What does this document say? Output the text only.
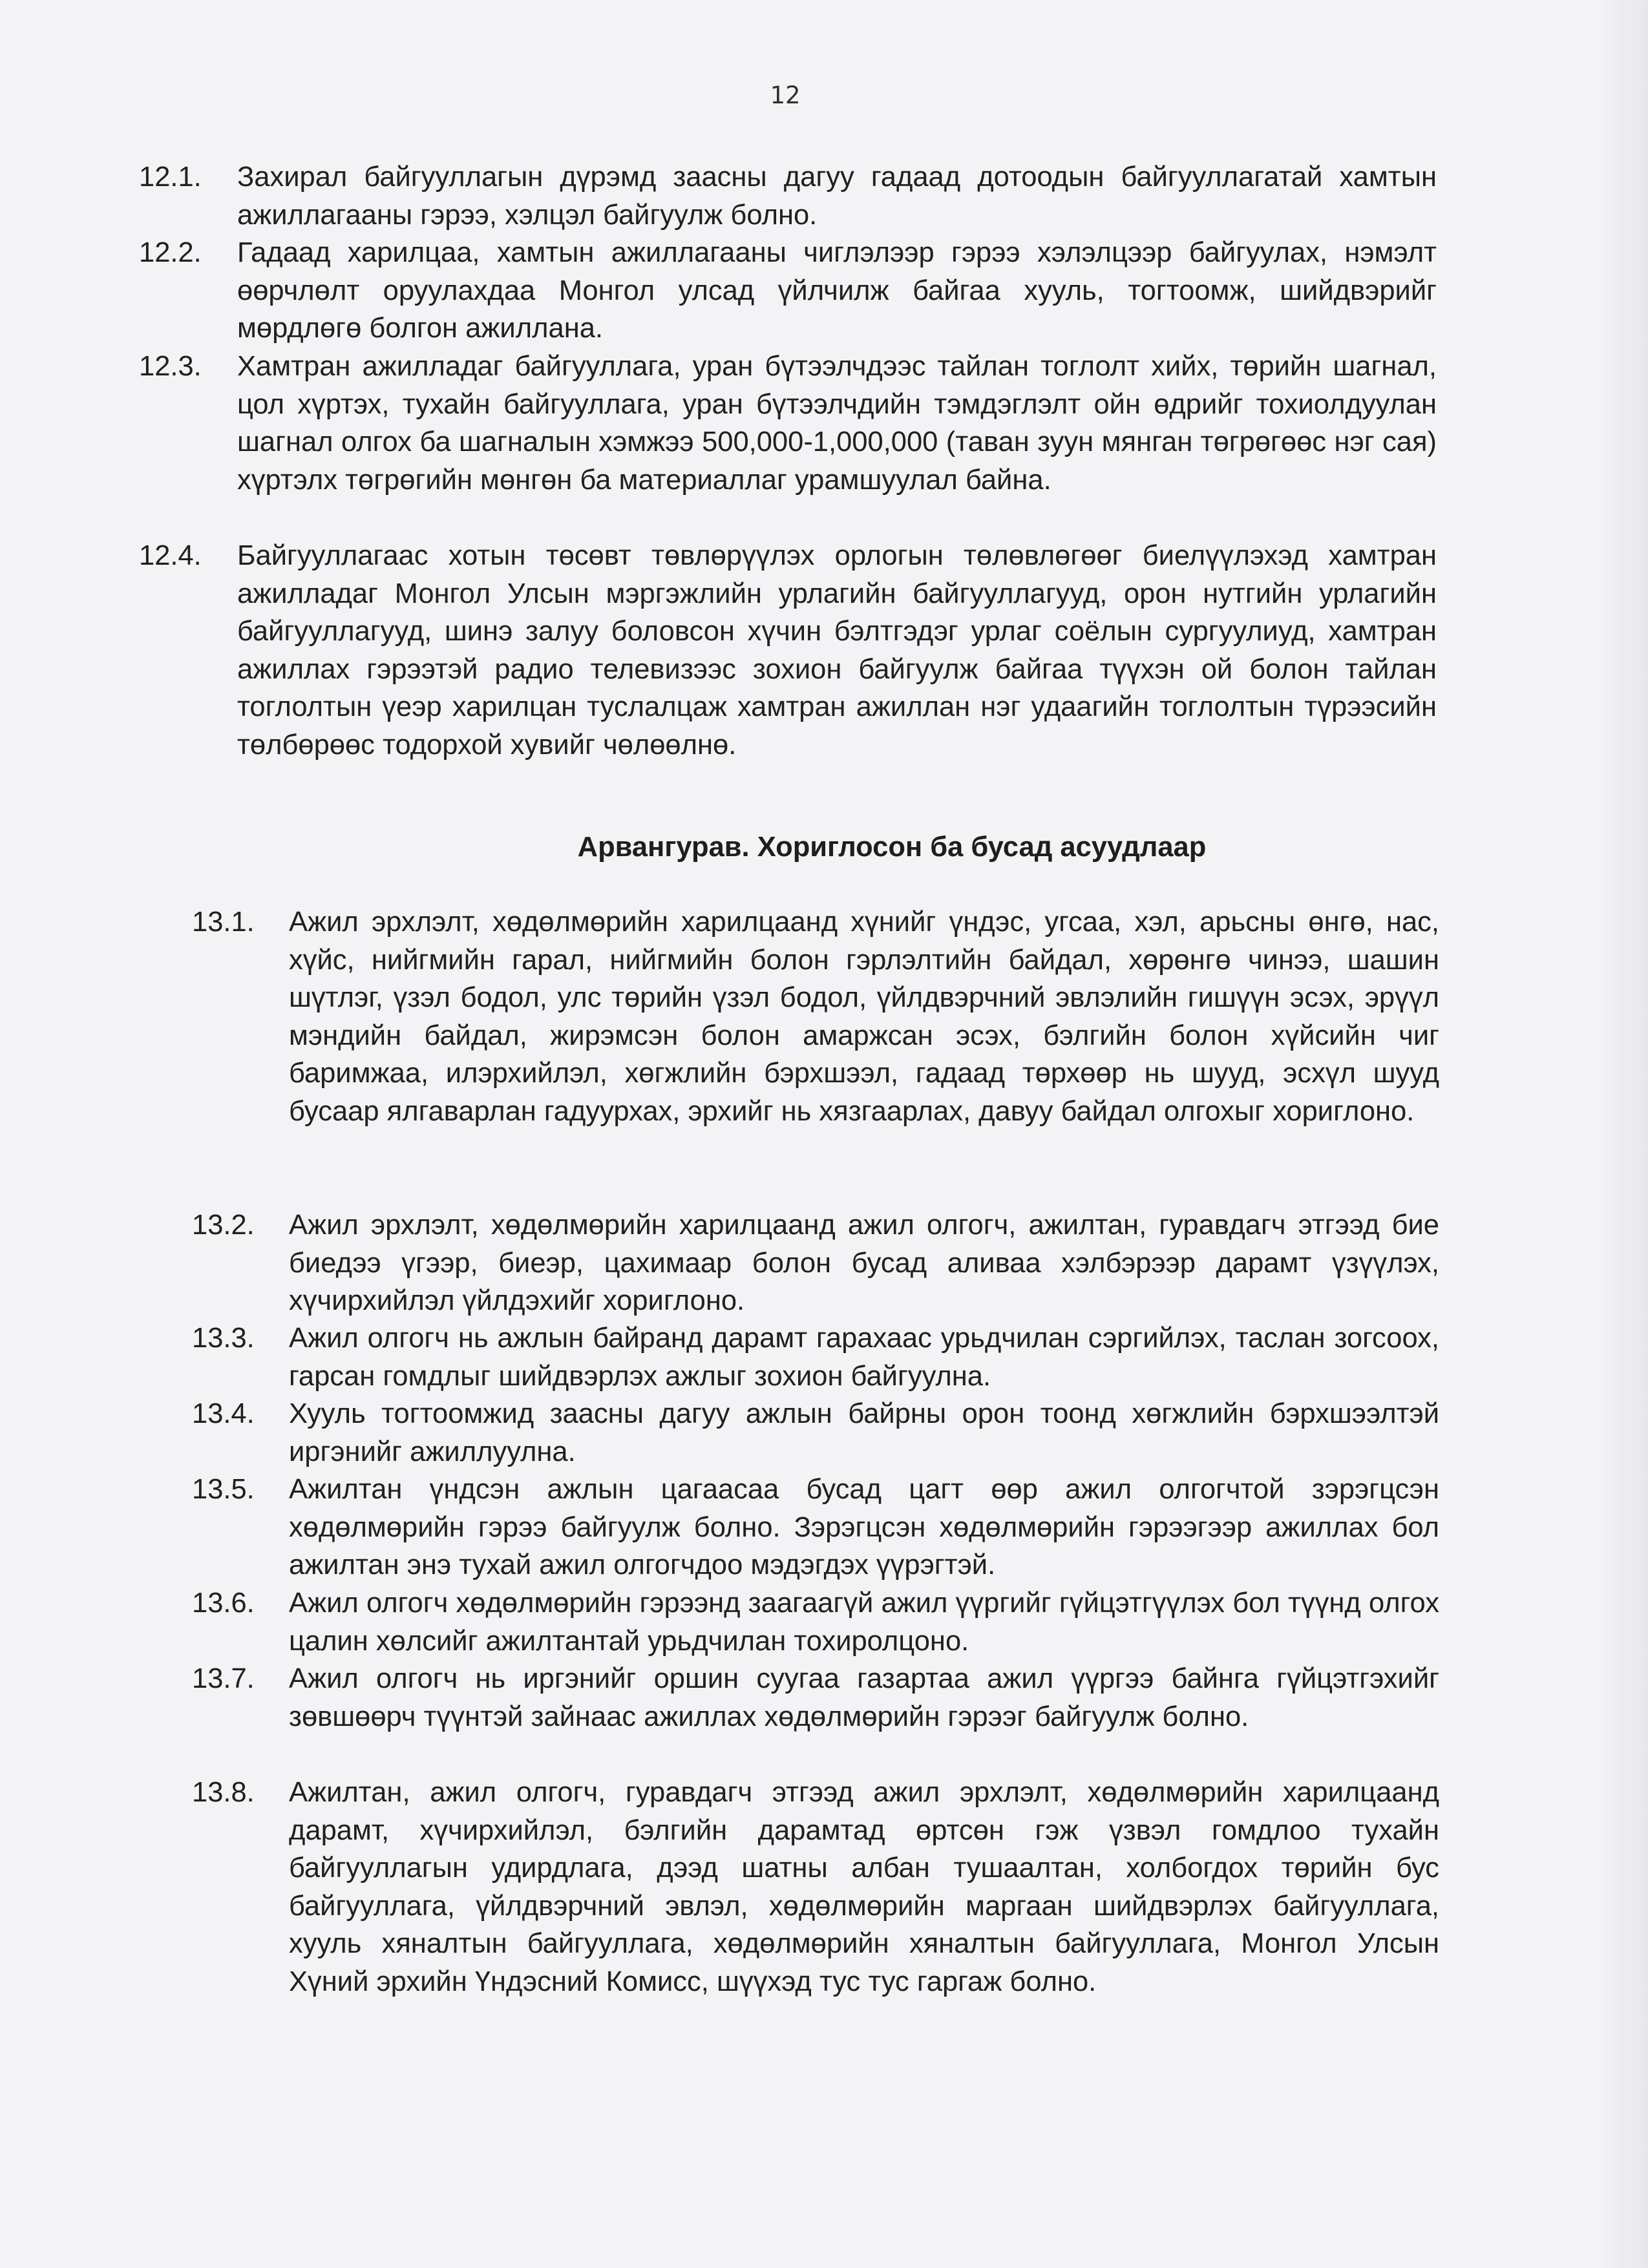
12
12.1. Захирал байгууллагын дүрэмд заасны дагуу гадаад дотоодын байгууллагатай хамтын ажиллагааны гэрээ, хэлцэл байгуулж болно.
12.2. Гадаад харилцаа, хамтын ажиллагааны чиглэлээр гэрээ хэлэлцээр байгуулах, нэмэлт өөрчлөлт оруулахдаа Монгол улсад үйлчилж байгаа хууль, тогтоомж, шийдвэрийг мөрдлөгө болгон ажиллана.
12.3. Хамтран ажилладаг байгууллага, уран бүтээлчдээс тайлан тоглолт хийх, төрийн шагнал, цол хүртэх, тухайн байгууллага, уран бүтээлчдийн тэмдэглэлт ойн өдрийг тохиолдуулан шагнал олгох ба шагналын хэмжээ 500,000-1,000,000 (таван зуун мянган төгрөгөөс нэг сая) хүртэлх төгрөгийн мөнгөн ба материаллаг урамшуулал байна.
12.4. Байгууллагаас хотын төсөвт төвлөрүүлэх орлогын төлөвлөгөөг биелүүлэхэд хамтран ажилладаг Монгол Улсын мэргэжлийн урлагийн байгууллагууд, орон нутгийн урлагийн байгууллагууд, шинэ залуу боловсон хүчин бэлтгэдэг урлаг соёлын сургуулиуд, хамтран ажиллах гэрээтэй радио телевизээс зохион байгуулж байгаа түүхэн ой болон тайлан тоглолтын үеэр харилцан туслалцаж хамтран ажиллан нэг удаагийн тоглолтын түрээсийн төлбөрөөс тодорхой хувийг чөлөөлнө.
Арвангурав. Хориглосон ба бусад асуудлаар
13.1. Ажил эрхлэлт, хөдөлмөрийн харилцаанд хүнийг үндэс, угсаа, хэл, арьсны өнгө, нас, хүйс, нийгмийн гарал, нийгмийн болон гэрлэлтийн байдал, хөрөнгө чинээ, шашин шүтлэг, үзэл бодол, улс төрийн үзэл бодол, үйлдвэрчний эвлэлийн гишүүн эсэх, эрүүл мэндийн байдал, жирэмсэн болон амаржсан эсэх, бэлгийн болон хүйсийн чиг баримжаа, илэрхийлэл, хөгжлийн бэрхшээл, гадаад төрхөөр нь шууд, эсхүл шууд бусаар ялгаварлан гадуурхах, эрхийг нь хязгаарлах, давуу байдал олгохыг хориглоно.
13.2. Ажил эрхлэлт, хөдөлмөрийн харилцаанд ажил олгогч, ажилтан, гуравдагч этгээд бие биедээ үгээр, биеэр, цахимаар болон бусад аливаа хэлбэрээр дарамт үзүүлэх, хүчирхийлэл үйлдэхийг хориглоно.
13.3. Ажил олгогч нь ажлын байранд дарамт гарахаас урьдчилан сэргийлэх, таслан зогсоох, гарсан гомдлыг шийдвэрлэх ажлыг зохион байгуулна.
13.4. Хууль тогтоомжид заасны дагуу ажлын байрны орон тоонд хөгжлийн бэрхшээлтэй иргэнийг ажиллуулна.
13.5. Ажилтан үндсэн ажлын цагаасаа бусад цагт өөр ажил олгогчтой зэрэгцсэн хөдөлмөрийн гэрээ байгуулж болно. Зэрэгцсэн хөдөлмөрийн гэрээгээр ажиллах бол ажилтан энэ тухай ажил олгогчдоо мэдэгдэх үүрэгтэй.
13.6. Ажил олгогч хөдөлмөрийн гэрээнд заагаагүй ажил үүргийг гүйцэтгүүлэх бол түүнд олгох цалин хөлсийг ажилтантай урьдчилан тохиролцоно.
13.7. Ажил олгогч нь иргэнийг оршин суугаа газартаа ажил үүргээ байнга гүйцэтгэхийг зөвшөөрч түүнтэй зайнаас ажиллах хөдөлмөрийн гэрээг байгуулж болно.
13.8. Ажилтан, ажил олгогч, гуравдагч этгээд ажил эрхлэлт, хөдөлмөрийн харилцаанд дарамт, хүчирхийлэл, бэлгийн дарамтад өртсөн гэж үзвэл гомдлоо тухайн байгууллагын удирдлага, дээд шатны албан тушаалтан, холбогдох төрийн бус байгууллага, үйлдвэрчний эвлэл, хөдөлмөрийн маргаан шийдвэрлэх байгууллага, хууль хяналтын байгууллага, хөдөлмөрийн хяналтын байгууллага, Монгол Улсын Хүний эрхийн Үндэсний Комисс, шүүхэд тус тус гаргаж болно.
